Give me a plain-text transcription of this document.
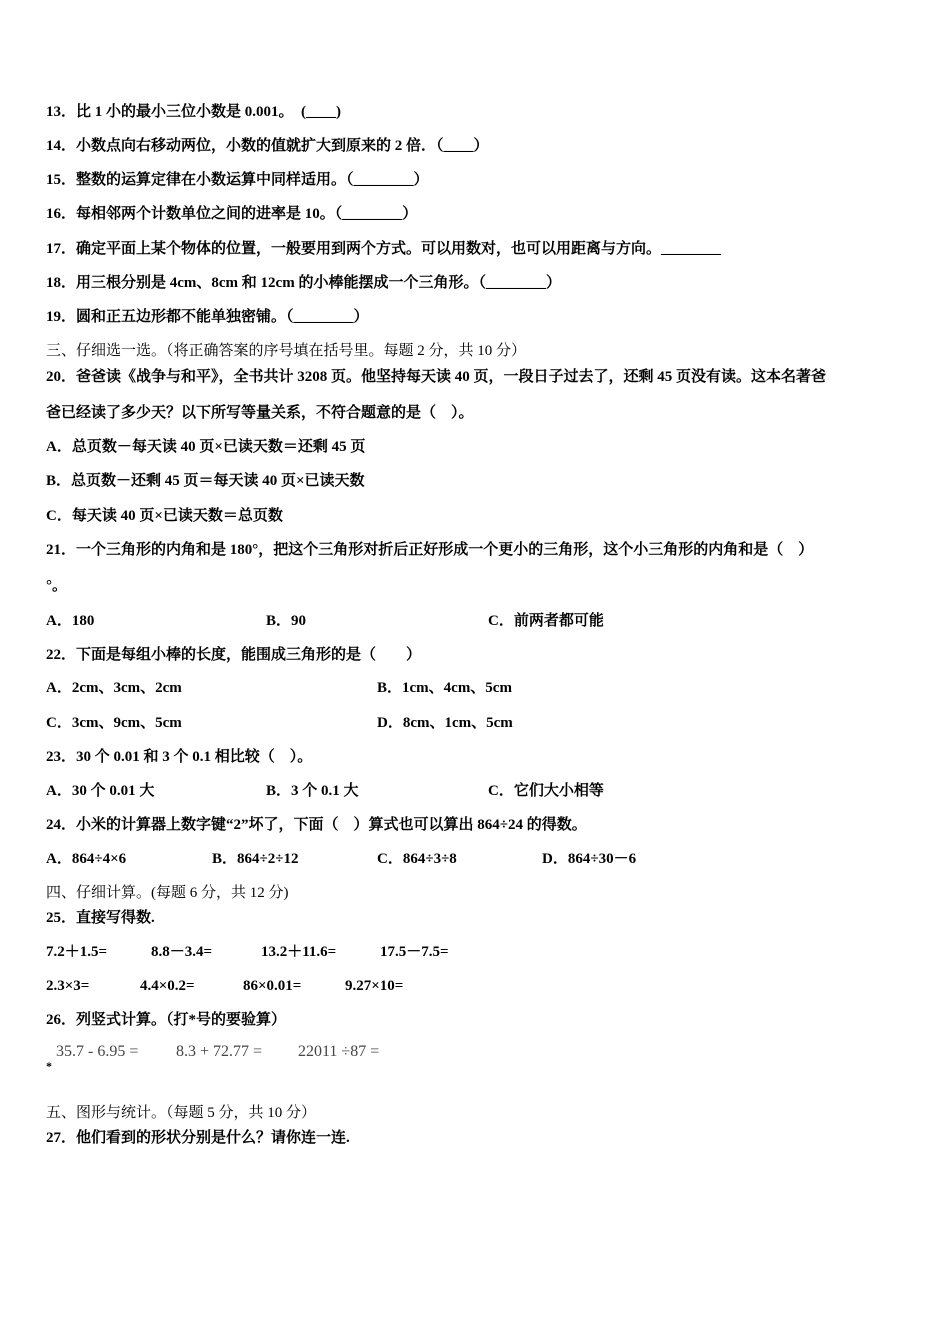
13．比 1 小的最小三位小数是 0.001。　(____)
14．小数点向右移动两位，小数的值就扩大到原来的 2 倍．（____）
15．整数的运算定律在小数运算中同样适用。（________）
16．每相邻两个计数单位之间的进率是 10。（________）
17．确定平面上某个物体的位置，一般要用到两个方式。可以用数对，也可以用距离与方向。________
18．用三根分别是 4cm、8cm 和 12cm 的小棒能摆成一个三角形。（________）
19．圆和正五边形都不能单独密铺。（________）
三、仔细选一选。（将正确答案的序号填在括号里。每题 2 分，共 10 分）
20．爸爸读《战争与和平》，全书共计 3208 页。他坚持每天读 40 页，一段日子过去了，还剩 45 页没有读。这本名著爸
爸已经读了多少天？以下所写等量关系，不符合题意的是（　）。
A．总页数－每天读 40 页×已读天数＝还剩 45 页
B．总页数－还剩 45 页＝每天读 40 页×已读天数
C．每天读 40 页×已读天数＝总页数
21．一个三角形的内角和是 180°，把这个三角形对折后正好形成一个更小的三角形，这个小三角形的内角和是（　）
°。
A．180	B．90	C．前两者都可能
22．下面是每组小棒的长度，能围成三角形的是（　　）
A．2cm、3cm、2cm	B．1cm、4cm、5cm
C．3cm、9cm、5cm	D．8cm、1cm、5cm
23．30 个 0.01 和 3 个 0.1 相比较（　）。
A．30 个 0.01 大	B．3 个 0.1 大	C．它们大小相等
24．小米的计算器上数字键“2”坏了，下面（　）算式也可以算出 864÷24 的得数。
A．864÷4×6	B．864÷2÷12	C．864÷3÷8	D．864÷30－6
四、仔细计算。(每题 6 分，共 12 分)
25．直接写得数.
7.2＋1.5=	8.8－3.4=	13.2＋11.6=	17.5－7.5=
2.3×3=	4.4×0.2=	86×0.01=	9.27×10=
26．列竖式计算。（打*号的要验算）
*
35.7 - 6.95 = 8.3 + 72.77 = 22011 ÷87 =
五、图形与统计。（每题 5 分，共 10 分）
27．他们看到的形状分别是什么？请你连一连.
